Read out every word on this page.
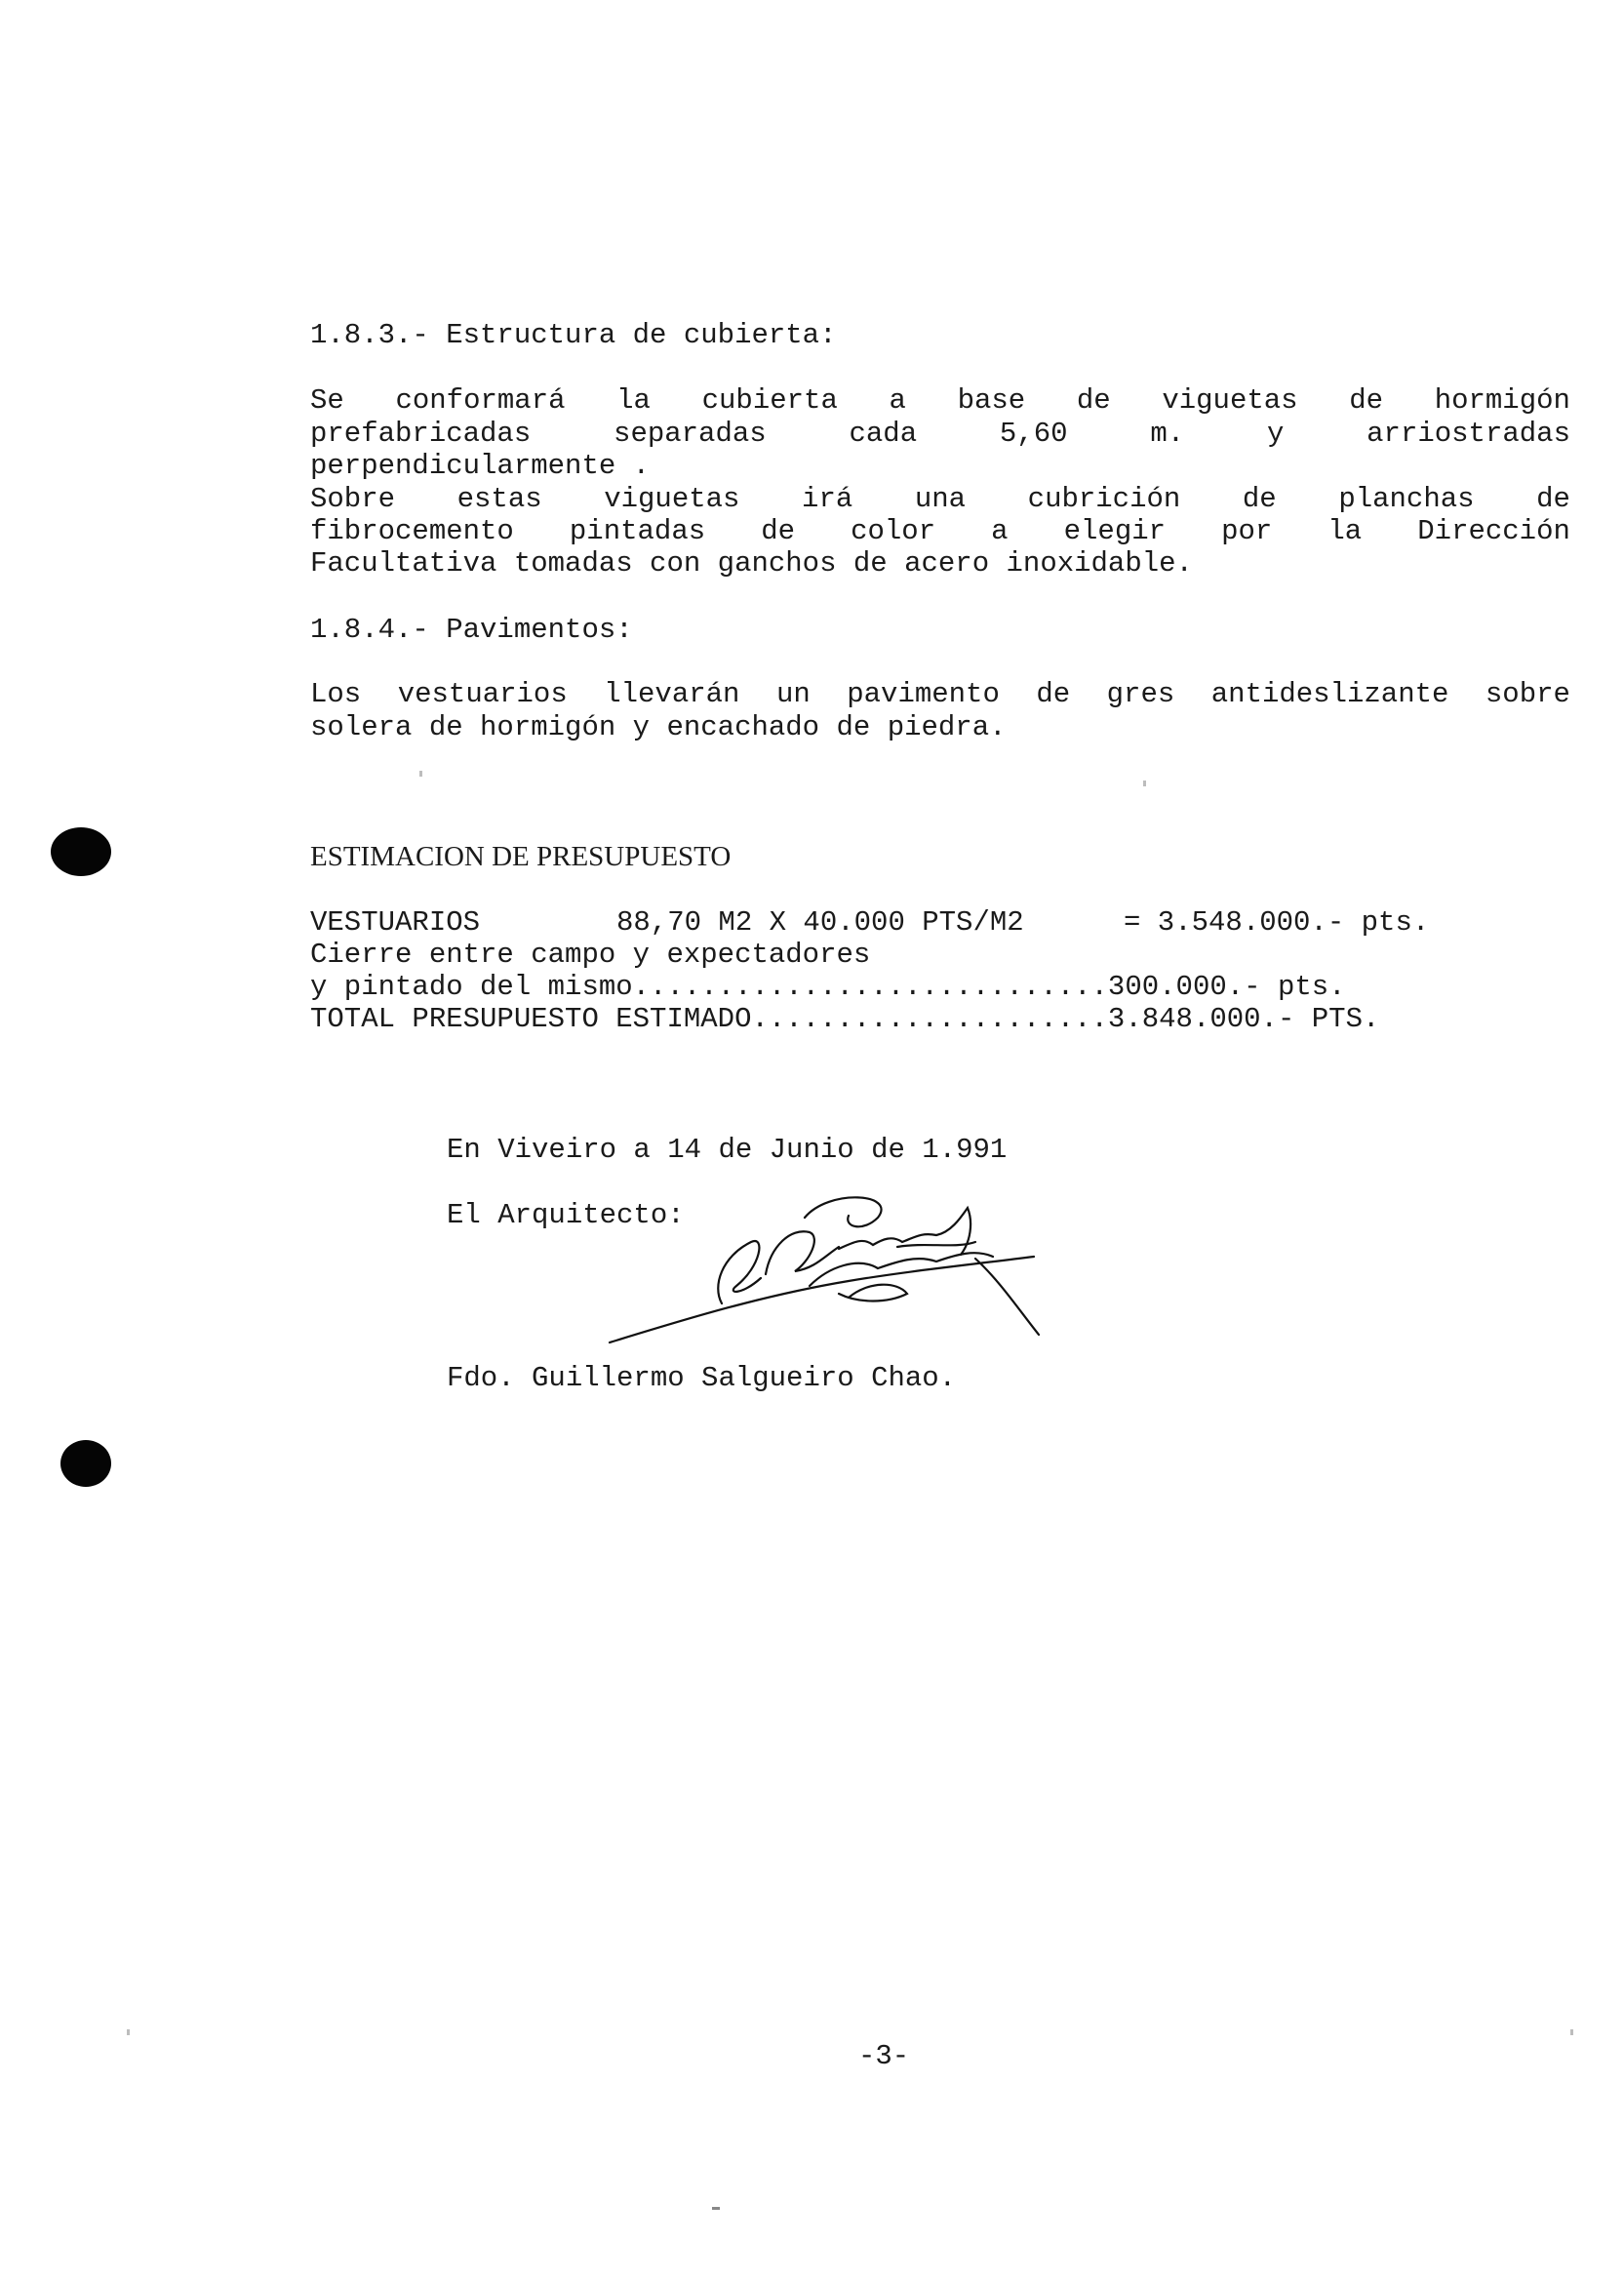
1.8.3.- Estructura de cubierta:
Se conformará la cubierta a base de viguetas de hormigón
prefabricadas	separadas	cada	5,60	m.	y	arriostradas
perpendicularmente .
Sobre estas viguetas irá una cubrición de planchas de
fibrocemento pintadas de color a elegir por la Dirección
Facultativa tomadas con ganchos de acero inoxidable.
1.8.4.- Pavimentos:
Los vestuarios llevarán un pavimento de gres antideslizante sobre
solera de hormigón y encachado de piedra.
ESTIMACION DE PRESUPUESTO
VESTUARIOS	88,70 M2 X 40.000 PTS/M2	= 3.548.000.- pts.
Cierre entre campo y expectadores
y pintado del mismo............................300.000.- pts.
TOTAL PRESUPUESTO ESTIMADO.....................3.848.000.- PTS.
En Viveiro a 14 de Junio de 1.991
El Arquitecto:
Fdo. Guillermo Salgueiro Chao.
-3-
